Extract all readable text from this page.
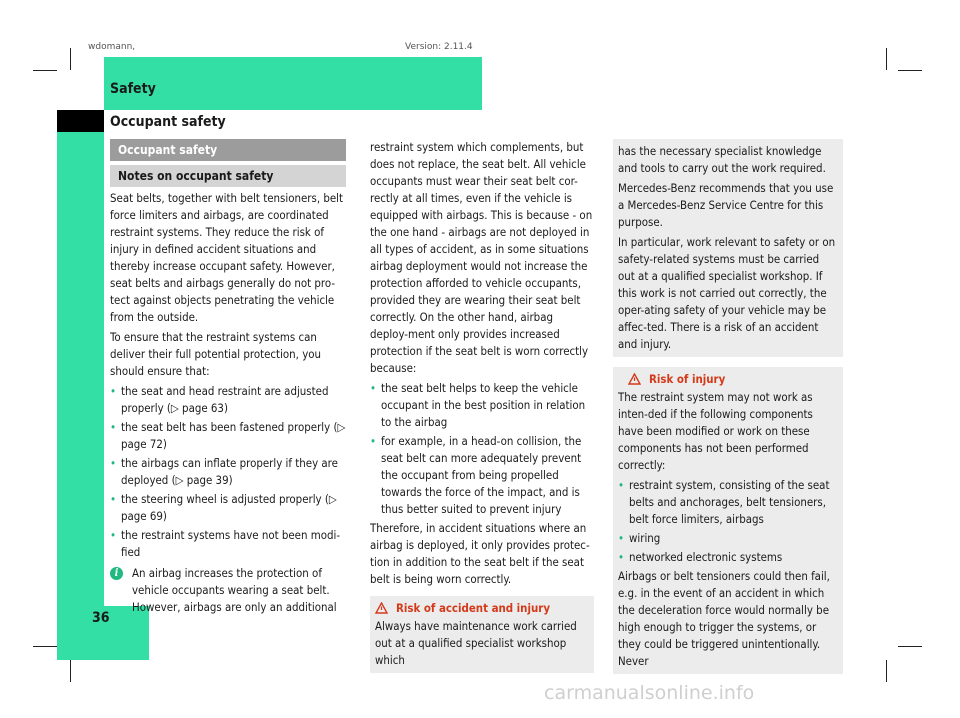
wdomann,	Version: 2.11.4
Safety
Occupant safety
36
Occupant safety
Notes on occupant safety

Seat belts, together with belt tensioners, belt force limiters and airbags, are coordinated restraint systems. They reduce the risk of injury in defined accident situations and thereby increase occupant safety. However, seat belts and airbags generally do not pro-tect against objects penetrating the vehicle from the outside.

To ensure that the restraint systems can deliver their full potential protection, you should ensure that:

• the seat and head restraint are adjusted properly (▷ page 63)
• the seat belt has been fastened properly (▷ page 72)
• the airbags can inflate properly if they are deployed (▷ page 39)
• the steering wheel is adjusted properly (▷ page 69)
• the restraint systems have not been modi-fied
i	An airbag increases the protection of vehicle occupants wearing a seat belt. However, airbags are only an additional

restraint system which complements, but does not replace, the seat belt. All vehicle occupants must wear their seat belt cor-rectly at all times, even if the vehicle is equipped with airbags. This is because - on the one hand - airbags are not deployed in all types of accident, as in some situations airbag deployment would not increase the protection afforded to vehicle occupants, provided they are wearing their seat belt correctly. On the other hand, airbag deploy-ment only provides increased protection if the seat belt is worn correctly because:

• the seat belt helps to keep the vehicle occupant in the best position in relation to the airbag
• for example, in a head-on collision, the seat belt can more adequately prevent the occupant from being propelled towards the force of the impact, and is thus better suited to prevent injury

Therefore, in accident situations where an airbag is deployed, it only provides protec-tion in addition to the seat belt if the seat belt is being worn correctly.

Risk of accident and injury
Always have maintenance work carried out at a qualified specialist workshop which

has the necessary specialist knowledge and tools to carry out the work required.

Mercedes-Benz recommends that you use a Mercedes-Benz Service Centre for this purpose.

In particular, work relevant to safety or on safety-related systems must be carried out at a qualified specialist workshop. If this work is not carried out correctly, the oper-ating safety of your vehicle may be affec-ted. There is a risk of an accident and injury.

Risk of injury

The restraint system may not work as inten-ded if the following components have been modified or work on these components has not been performed correctly:

• restraint system, consisting of the seat belts and anchorages, belt tensioners, belt force limiters, airbags
• wiring
• networked electronic systems

Airbags or belt tensioners could then fail, e.g. in the event of an accident in which the deceleration force would normally be high enough to trigger the systems, or they could be triggered unintentionally. Never

carmanualsonline.info
